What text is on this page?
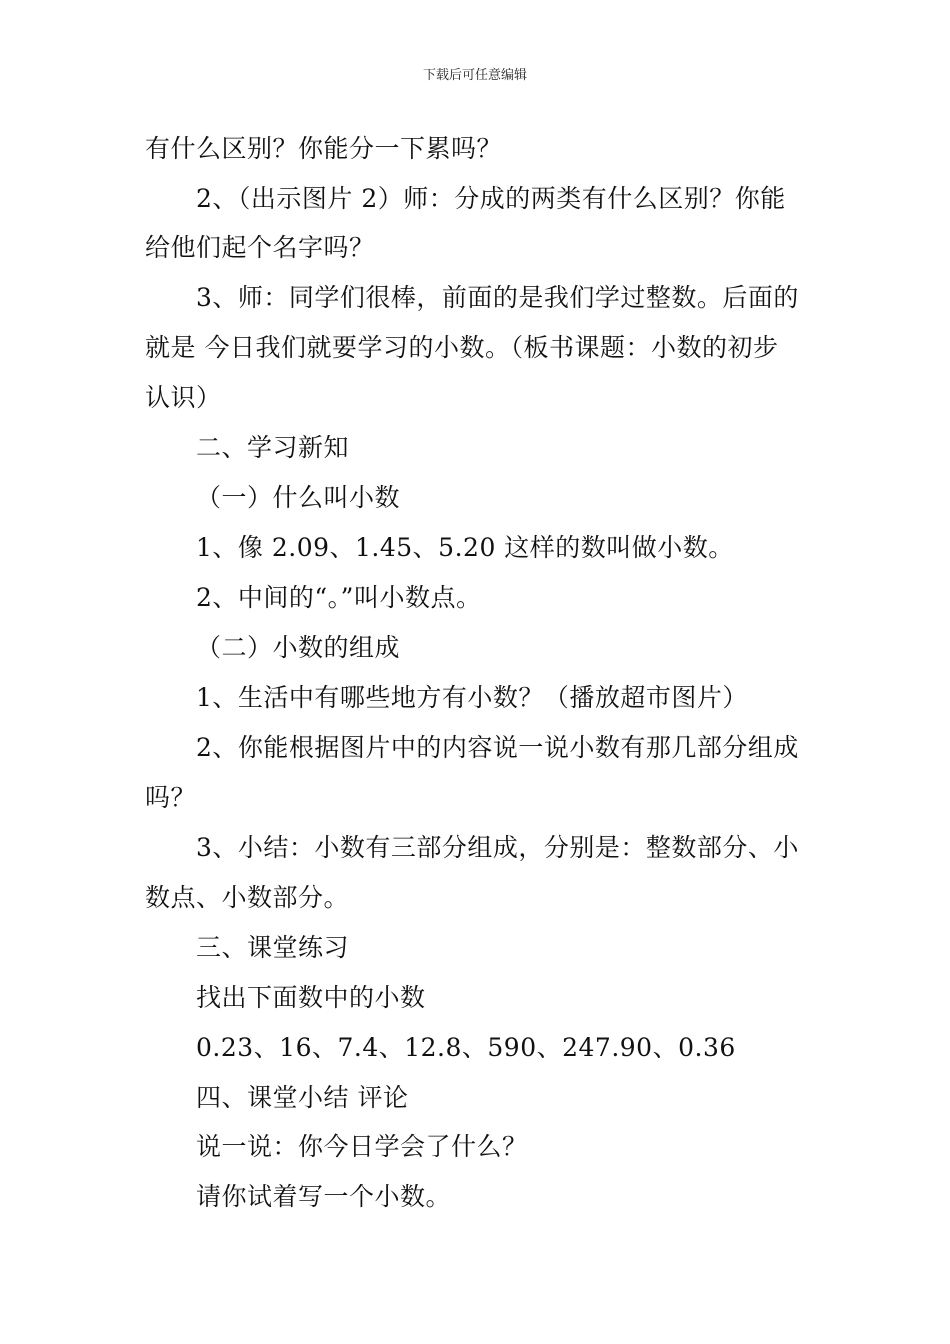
下载后可任意编辑
有什么区别？你能分一下累吗？
2、（出示图片 2）师：分成的两类有什么区别？你能
给他们起个名字吗？
3、师：同学们很棒，前面的是我们学过整数。后面的
就是 今日我们就要学习的小数。（板书课题：小数的初步
认识）
二、学习新知
（一）什么叫小数
1、像 2.09、1.45、5.20 这样的数叫做小数。
2、中间的“。”叫小数点。
（二）小数的组成
1、生活中有哪些地方有小数？（播放超市图片）
2、你能根据图片中的内容说一说小数有那几部分组成
吗？
3、小结：小数有三部分组成，分别是：整数部分、小
数点、小数部分。
三、课堂练习
找出下面数中的小数
0.23、16、7.4、12.8、590、247.90、0.36
四、课堂小结 评论
说一说：你今日学会了什么？
请你试着写一个小数。
